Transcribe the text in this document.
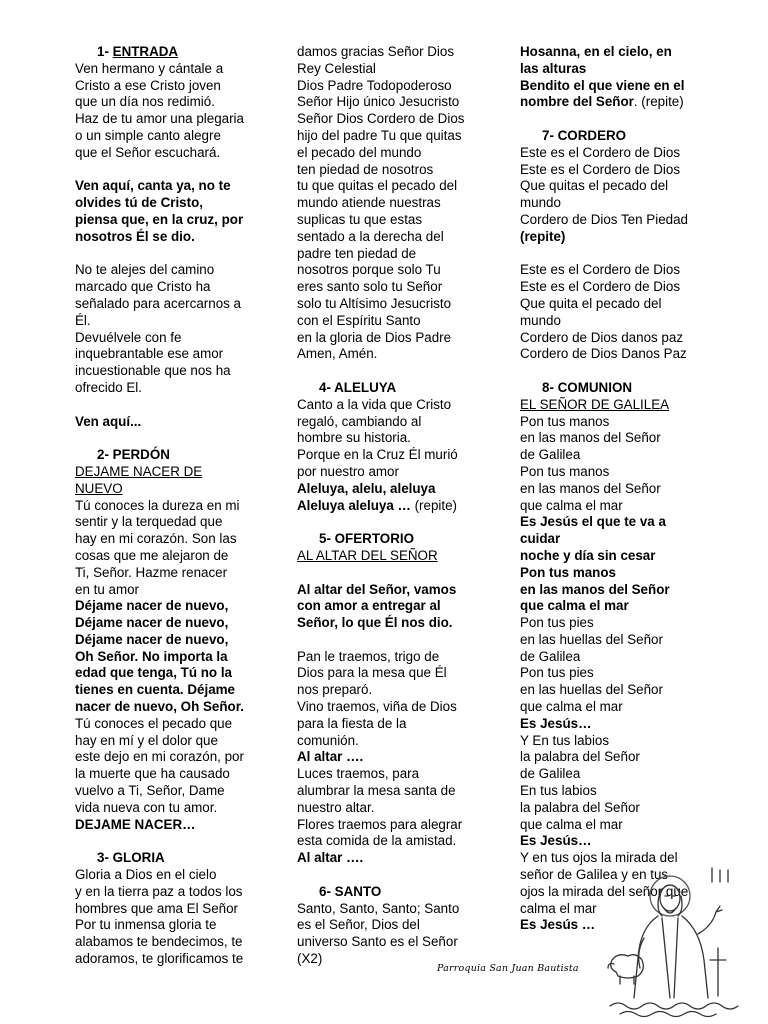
1- ENTRADA
Ven hermano y cántale a
Cristo a ese Cristo joven
que un día nos redimió.
Haz de tu amor una plegaria
o un simple canto alegre
que el Señor escuchará.
Ven aquí, canta ya, no te
olvides tú de Cristo,
piensa que, en la cruz, por
nosotros Él se dio.
No te alejes del camino
marcado que Cristo ha
señalado para acercarnos a
Él.
Devuélvele con fe
inquebrantable ese amor
incuestionable que nos ha
ofrecido El.
Ven aquí...
2- PERDÓN
DEJAME NACER DE
NUEVO
Tú conoces la dureza en mi
sentir y la terquedad que
hay en mi corazón. Son las
cosas que me alejaron de
Ti, Señor. Hazme renacer
en tu amor
Déjame nacer de nuevo,
Déjame nacer de nuevo,
Déjame nacer de nuevo,
Oh Señor. No importa la
edad que tenga, Tú no la
tienes en cuenta. Déjame
nacer de nuevo, Oh Señor.
Tú conoces el pecado que
hay en mí y el dolor que
este dejo en mi corazón, por
la muerte que ha causado
vuelvo a Ti, Señor, Dame
vida nueva con tu amor.
DEJAME NACER…
3- GLORIA
Gloria a Dios en el cielo
y en la tierra paz a todos los
hombres que ama El Señor
Por tu inmensa gloria te
alabamos te bendecimos, te
adoramos, te glorificamos te
damos gracias Señor Dios
Rey Celestial
Dios Padre Todopoderoso
Señor Hijo único Jesucristo
Señor Dios Cordero de Dios
hijo del padre Tu que quitas
el pecado del mundo
ten piedad de nosotros
tu que quitas el pecado del
mundo atiende nuestras
suplicas tu que estas
sentado a la derecha del
padre ten piedad de
nosotros porque solo Tu
eres santo solo tu Señor
solo tu Altísimo Jesucristo
con el Espíritu Santo
en la gloria de Dios Padre
Amen, Amén.
4- ALELUYA
Canto a la vida que Cristo
regaló, cambiando al
hombre su historia.
Porque en la Cruz Él murió
por nuestro amor
Aleluya, alelu, aleluya
Aleluya aleluya … (repite)
5- OFERTORIO
AL ALTAR DEL SEÑOR
Al altar del Señor, vamos
con amor a entregar al
Señor, lo que Él nos dio.
Pan le traemos, trigo de
Dios para la mesa que Él
nos preparó.
Vino traemos, viña de Dios
para la fiesta de la
comunión.
Al altar ….
Luces traemos, para
alumbrar la mesa santa de
nuestro altar.
Flores traemos para alegrar
esta comida de la amistad.
Al altar ….
6- SANTO
Santo, Santo, Santo; Santo
es el Señor, Dios del
universo Santo es el Señor
(X2)
Hosanna, en el cielo, en
las alturas
Bendito el que viene en el
nombre del Señor. (repite)
7- CORDERO
Este es el Cordero de Dios
Este es el Cordero de Dios
Que quitas el pecado del
mundo
Cordero de Dios Ten Piedad
(repite)
Este es el Cordero de Dios
Este es el Cordero de Dios
Que quita el pecado del
mundo
Cordero de Dios danos paz
Cordero de Dios Danos Paz
8- COMUNION
EL SEÑOR DE GALILEA
Pon tus manos
en las manos del Señor
de Galilea
Pon tus manos
en las manos del Señor
que calma el mar
Es Jesús el que te va a
cuidar
noche y día sin cesar
Pon tus manos
en las manos del Señor
que calma el mar
Pon tus pies
en las huellas del Señor
de Galilea
Pon tus pies
en las huellas del Señor
que calma el mar
Es Jesús…
Y En tus labios
la palabra del Señor
de Galilea
En tus labios
la palabra del Señor
que calma el mar
Es Jesús…
Y en tus ojos la mirada del
señor de Galilea y en tus
ojos la mirada del señor que
calma el mar
Es Jesús …
Parroquia San Juan Bautista
